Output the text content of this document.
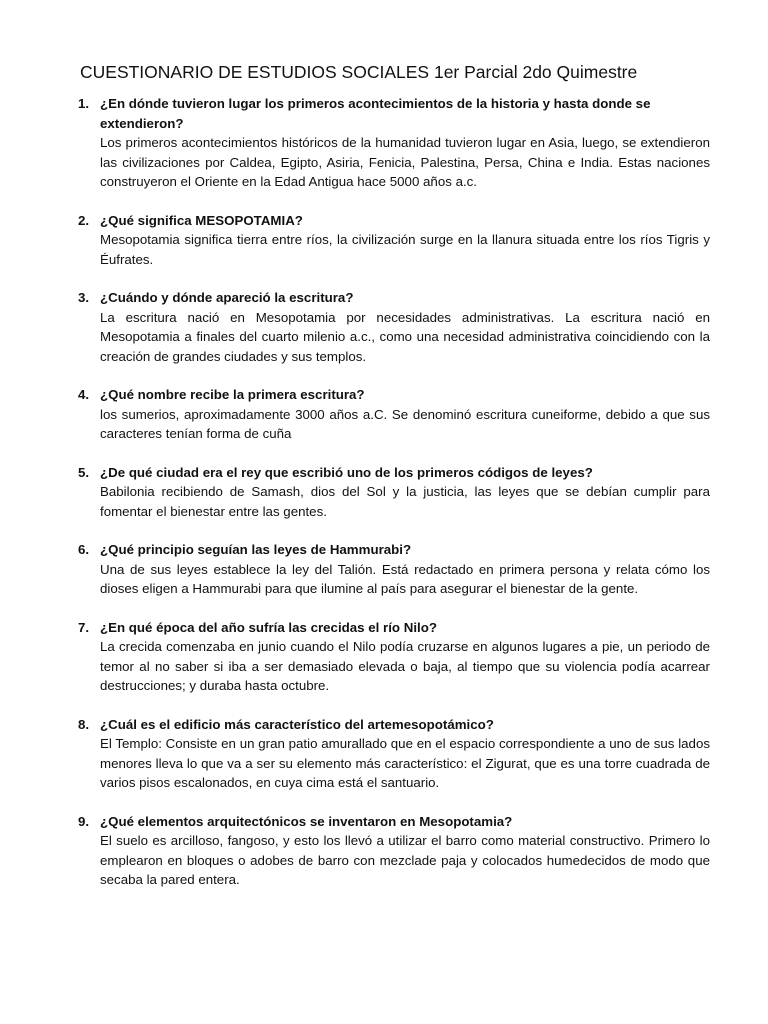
CUESTIONARIO DE ESTUDIOS SOCIALES 1er Parcial 2do Quimestre
1. ¿En dónde tuvieron lugar los primeros acontecimientos de la historia y hasta donde se extendieron?
Los primeros acontecimientos históricos de la humanidad tuvieron lugar en Asia, luego, se extendieron las civilizaciones por Caldea, Egipto, Asiria, Fenicia, Palestina, Persa, China e India. Estas naciones construyeron el Oriente en la Edad Antigua hace 5000 años a.c.
2. ¿Qué significa MESOPOTAMIA?
Mesopotamia significa tierra entre ríos, la civilización surge en la llanura situada entre los ríos Tigris y Éufrates.
3. ¿Cuándo y dónde apareció la escritura?
La escritura nació en Mesopotamia por necesidades administrativas. La escritura nació en Mesopotamia a finales del cuarto milenio a.c., como una necesidad administrativa coincidiendo con la creación de grandes ciudades y sus templos.
4. ¿Qué nombre recibe la primera escritura?
los sumerios, aproximadamente 3000 años a.C. Se denominó escritura cuneiforme, debido a que sus caracteres tenían forma de cuña
5. ¿De qué ciudad era el rey que escribió uno de los primeros códigos de leyes?
Babilonia recibiendo de Samash, dios del Sol y la justicia, las leyes que se debían cumplir para fomentar el bienestar entre las gentes.
6. ¿Qué principio seguían las leyes de Hammurabi?
Una de sus leyes establece la ley del Talión. Está redactado en primera persona y relata cómo los dioses eligen a Hammurabi para que ilumine al país para asegurar el bienestar de la gente.
7. ¿En qué época del año sufría las crecidas el río Nilo?
La crecida comenzaba en junio cuando el Nilo podía cruzarse en algunos lugares a pie, un periodo de temor al no saber si iba a ser demasiado elevada o baja, al tiempo que su violencia podía acarrear destrucciones; y duraba hasta octubre.
8. ¿Cuál es el edificio más característico del artemesopotámico?
El Templo: Consiste en un gran patio amurallado que en el espacio correspondiente a uno de sus lados menores lleva lo que va a ser su elemento más característico: el Zigurat, que es una torre cuadrada de varios pisos escalonados, en cuya cima está el santuario.
9. ¿Qué elementos arquitectónicos se inventaron en Mesopotamia?
El suelo es arcilloso, fangoso, y esto los llevó a utilizar el barro como material constructivo. Primero lo emplearon en bloques o adobes de barro con mezclade paja y colocados humedecidos de modo que secaba la pared entera.
